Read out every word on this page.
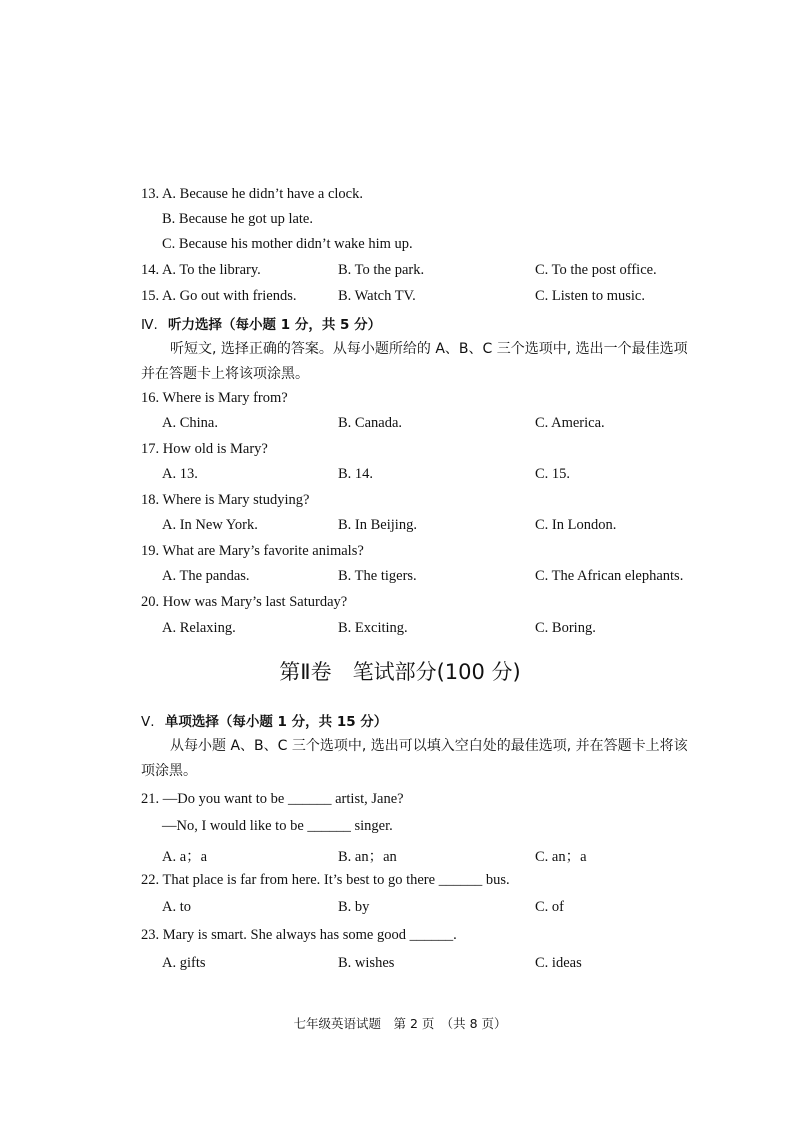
13. A. Because he didn’t have a clock.
B. Because he got up late.
C. Because his mother didn’t wake him up.
14. A. To the library.	B. To the park.	C. To the post office.
15. A. Go out with friends.	B. Watch TV.	C. Listen to music.
Ⅳ. 听力选择（每小题 1 分，共 5 分）
听短文, 选择正确的答案。从每小题所给的 A、B、C 三个选项中, 选出一个最佳选项并在答题卡上将该项涂黑。
16. Where is Mary from?
A. China.	B. Canada.	C. America.
17. How old is Mary?
A. 13.	B. 14.	C. 15.
18. Where is Mary studying?
A. In New York.	B. In Beijing.	C. In London.
19. What are Mary’s favorite animals?
A. The pandas.	B. The tigers.	C. The African elephants.
20. How was Mary’s last Saturday?
A. Relaxing.	B. Exciting.	C. Boring.
第Ⅱ卷　笔试部分(100 分)
Ⅴ. 单项选择（每小题 1 分，共 15 分）
从每小题 A、B、C 三个选项中, 选出可以填入空白处的最佳选项, 并在答题卡上将该项涂黑。
21. —Do you want to be ______ artist, Jane?
—No, I would like to be ______ singer.
A. a；a	B. an；an	C. an；a
22. That place is far from here. It’s best to go there ______ bus.
A. to	B. by	C. of
23. Mary is smart. She always has some good ______.
A. gifts	B. wishes	C. ideas
七年级英语试题　第 2 页　（共 8 页）
